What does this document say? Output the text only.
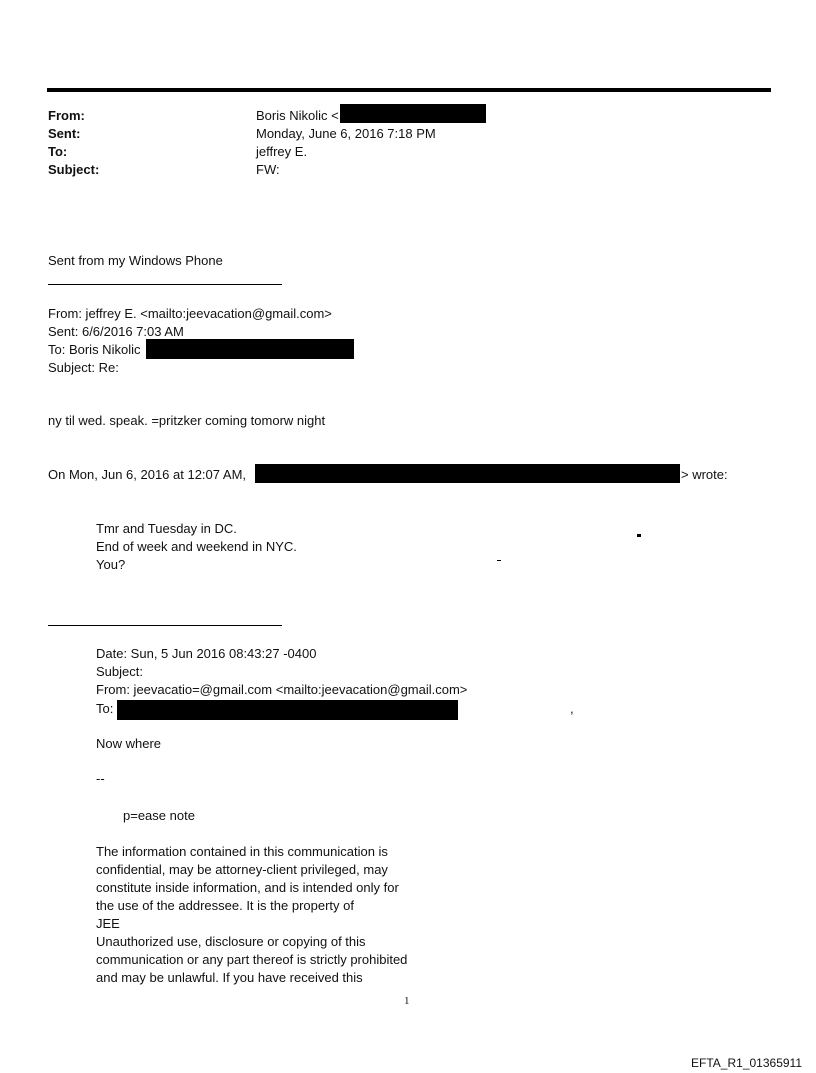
From:	Boris Nikolic <
Sent:	Monday, June 6, 2016 7:18 PM
To:	jeffrey E.
Subject:	FW:
Sent from my Windows Phone
From: jeffrey E. <mailto:jeevacation@gmail.com>
Sent: 6/6/2016 7:03 AM
To: Boris Nikolic
Subject: Re:
ny til wed. speak. =pritzker coming tomorw night
On Mon, Jun 6, 2016 at 12:07 AM,	> wrote:
Tmr and Tuesday in DC.
End of week and weekend in NYC.
You?
Date: Sun, 5 Jun 2016 08:43:27 -0400
Subject:
From: jeevacatio=@gmail.com <mailto:jeevacation@gmail.com>
To:	,
Now where
--
p=ease note
The information contained in this communication is
confidential, may be attorney-client privileged, may
constitute inside information, and is intended only for
the use of the addressee. It is the property of
JEE
Unauthorized use, disclosure or copying of this
communication or any part thereof is strictly prohibited
and may be unlawful. If you have received this
1
EFTA_R1_01365911
